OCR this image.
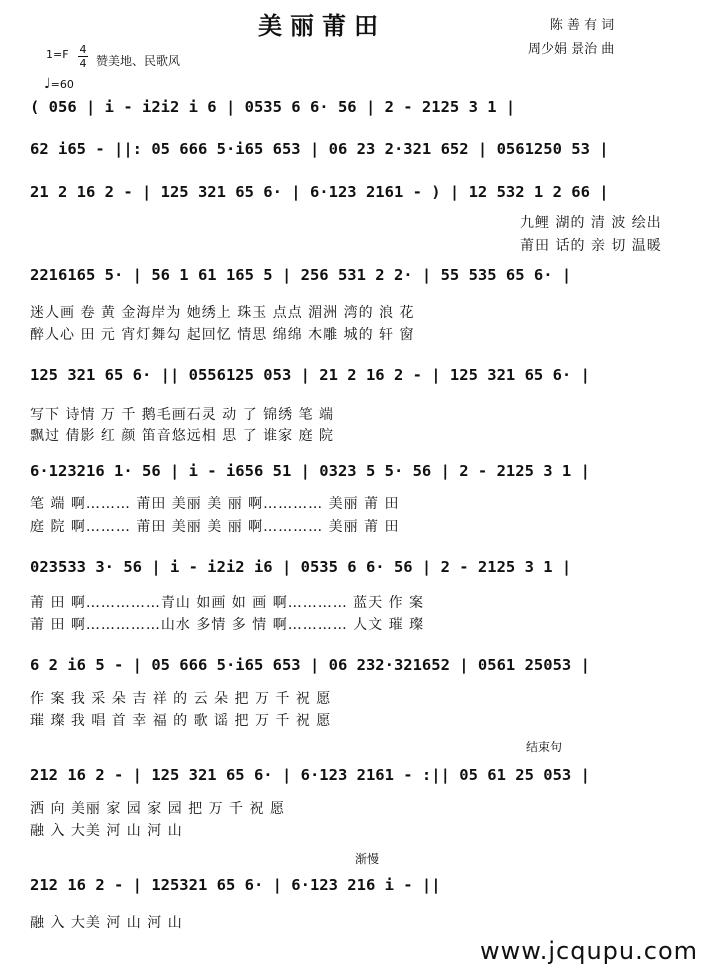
美丽莆田	陈 善 有 词
周少娟 景治 曲
1=F 4
4 赞美地、民歌风
♩=60
( 056 | i - i2i2 i 6 | 0535 6 6· 56 | 2 - 2125 3 1 |
62 i65 - ||: 05 666 5·i65 653 | 06 23 2·321 652 | 0561250 53 |
21 2 16 2 - | 125 321 65 6· | 6·123 2161 - ) | 12 532 1 2 66 |
九鲤 湖的 清 波 绘出
莆田 话的 亲 切 温暖
2216165 5· | 56 1 61 165 5 | 256 531 2 2· | 55 535 65 6· |
迷人画 卷 黄 金海岸为 她绣上 珠玉 点点 湄洲 湾的 浪 花
醉人心 田 元 宵灯舞勾 起回忆 情思 绵绵 木雕 城的 轩 窗
125 321 65 6· || 0556125 053 | 21 2 16 2 - | 125 321 65 6· |
写下 诗情 万 千 鹅毛画石灵 动 了 锦绣 笔 端
飘过 倩影 红 颜 笛音悠远相 思 了 谁家 庭 院
6·123216 1· 56 | i - i656 51 | 0323 5 5· 56 | 2 - 2125 3 1 |
笔 端 啊……… 莆田 美丽 美 丽 啊………… 美丽 莆 田
庭 院 啊……… 莆田 美丽 美 丽 啊………… 美丽 莆 田
023533 3· 56 | i - i2i2 i6 | 0535 6 6· 56 | 2 - 2125 3 1 |
莆 田 啊……………青山 如画 如 画 啊………… 蓝天 作 案
莆 田 啊……………山水 多情 多 情 啊………… 人文 璀 璨
6 2 i6 5 - | 05 666 5·i65 653 | 06 232·321652 | 0561 25053 |
作 案 我 采 朵 吉 祥 的 云 朵 把 万 千 祝 愿
璀 璨 我 唱 首 幸 福 的 歌 谣 把 万 千 祝 愿
结束句
212 16 2 - | 125 321 65 6· | 6·123 2161 - :|| 05 61 25 053 |
洒 向 美丽 家 园 家 园 把 万 千 祝 愿
融 入 大美 河 山 河 山
渐慢
212 16 2 - | 125321 65 6· | 6·123 216 i - ||
融 入 大美 河 山 河 山
www.jcqupu.com
